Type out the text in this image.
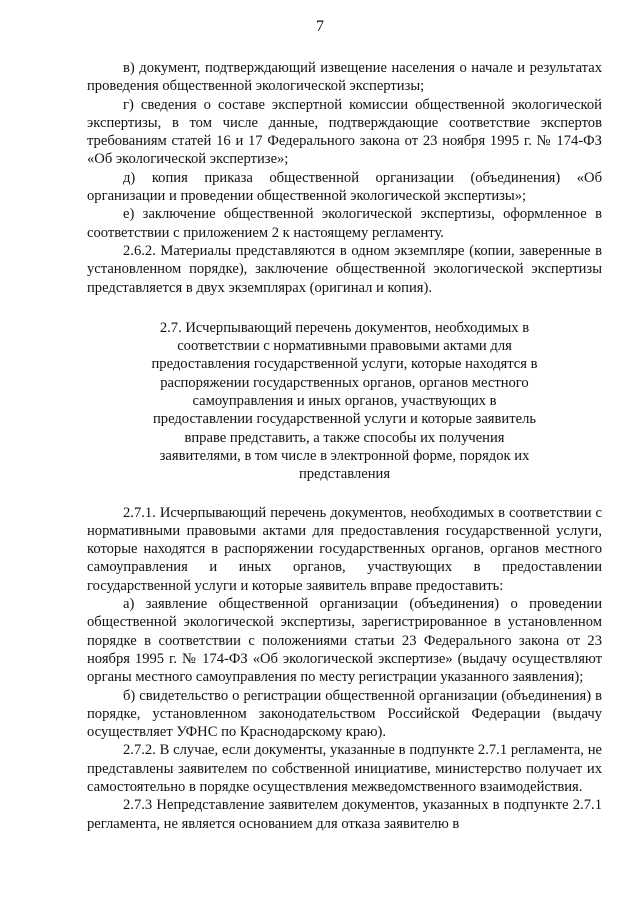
7

в) документ, подтверждающий извещение населения о начале и результатах проведения общественной экологической экспертизы;

г) сведения о составе экспертной комиссии общественной экологической экспертизы, в том числе данные, подтверждающие соответствие экспертов требованиям статей 16 и 17 Федерального закона от 23 ноября 1995 г. № 174-ФЗ «Об экологической экспертизе»;

д) копия приказа общественной организации (объединения) «Об организации и проведении общественной экологической экспертизы»;

е) заключение общественной экологической экспертизы, оформленное в соответствии с приложением 2 к настоящему регламенту.

2.6.2. Материалы представляются в одном экземпляре (копии, заверенные в установленном порядке), заключение общественной экологической экспертизы представляется в двух экземплярах (оригинал и копия).

2.7. Исчерпывающий перечень документов, необходимых в соответствии с нормативными правовыми актами для предоставления государственной услуги, которые находятся в распоряжении государственных органов, органов местного самоуправления и иных органов, участвующих в предоставлении государственной услуги и которые заявитель вправе представить, а также способы их получения заявителями, в том числе в электронной форме, порядок их представления

2.7.1. Исчерпывающий перечень документов, необходимых в соответствии с нормативными правовыми актами для предоставления государственной услуги, которые находятся в распоряжении государственных органов, органов местного самоуправления и иных органов, участвующих в предоставлении государственной услуги и которые заявитель вправе предоставить:

а) заявление общественной организации (объединения) о проведении общественной экологической экспертизы, зарегистрированное в установленном порядке в соответствии с положениями статьи 23 Федерального закона от 23 ноября 1995 г. № 174-ФЗ «Об экологической экспертизе» (выдачу осуществляют органы местного самоуправления по месту регистрации указанного заявления);

б) свидетельство о регистрации общественной организации (объединения) в порядке, установленном законодательством Российской Федерации (выдачу осуществляет УФНС по Краснодарскому краю).

2.7.2. В случае, если документы, указанные в подпункте 2.7.1 регламента, не представлены заявителем по собственной инициативе, министерство получает их самостоятельно в порядке осуществления межведомственного взаимодействия.

2.7.3 Непредставление заявителем документов, указанных в подпункте 2.7.1 регламента, не является основанием для отказа заявителю в
